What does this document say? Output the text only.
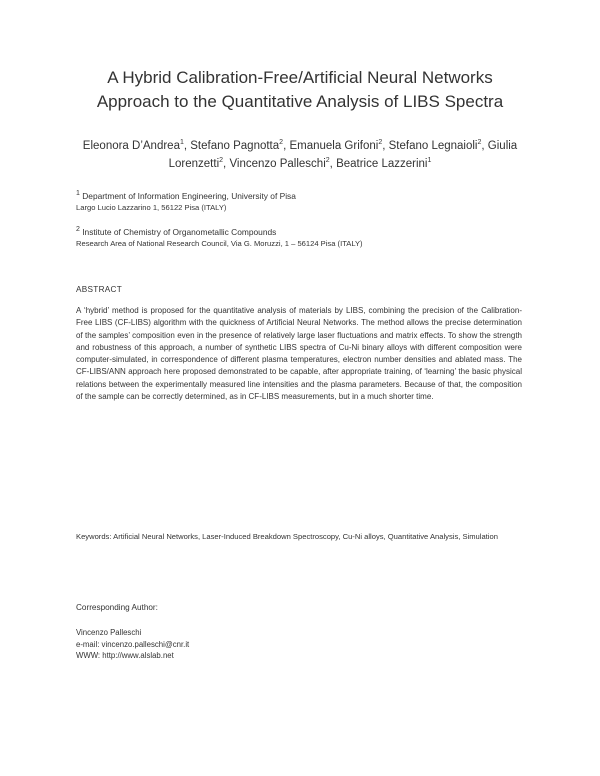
A Hybrid Calibration-Free/Artificial Neural Networks
Approach to the Quantitative Analysis of LIBS Spectra
Eleonora D’Andrea$^1$, Stefano Pagnotta$^2$, Emanuela Grifoni$^2$, Stefano Legnaioli$^2$, Giulia Lorenzetti$^2$, Vincenzo Palleschi$^2$, Beatrice Lazzerini$^1$
$^1$ Department of Information Engineering, University of Pisa
Largo Lucio Lazzarino 1, 56122 Pisa (ITALY)
$^2$ Institute of Chemistry of Organometallic Compounds
Research Area of National Research Council, Via G. Moruzzi, 1 – 56124 Pisa (ITALY)
ABSTRACT
A ‘hybrid’ method is proposed for the quantitative analysis of materials by LIBS, combining the precision of the Calibration-Free LIBS (CF-LIBS) algorithm with the quickness of Artificial Neural Networks. The method allows the precise determination of the samples’ composition even in the presence of relatively large laser fluctuations and matrix effects. To show the strength and robustness of this approach, a number of synthetic LIBS spectra of Cu-Ni binary alloys with different composition were computer-simulated, in correspondence of different plasma temperatures, electron number densities and ablated mass. The CF-LIBS/ANN approach here proposed demonstrated to be capable, after appropriate training, of ‘learning’ the basic physical relations between the experimentally measured line intensities and the plasma parameters. Because of that, the composition of the sample can be correctly determined, as in CF-LIBS measurements, but in a much shorter time.
Keywords: Artificial Neural Networks, Laser-Induced Breakdown Spectroscopy, Cu-Ni alloys, Quantitative Analysis, Simulation
Corresponding Author:
Vincenzo Palleschi
e-mail: vincenzo.palleschi@cnr.it
WWW: http://www.alslab.net
